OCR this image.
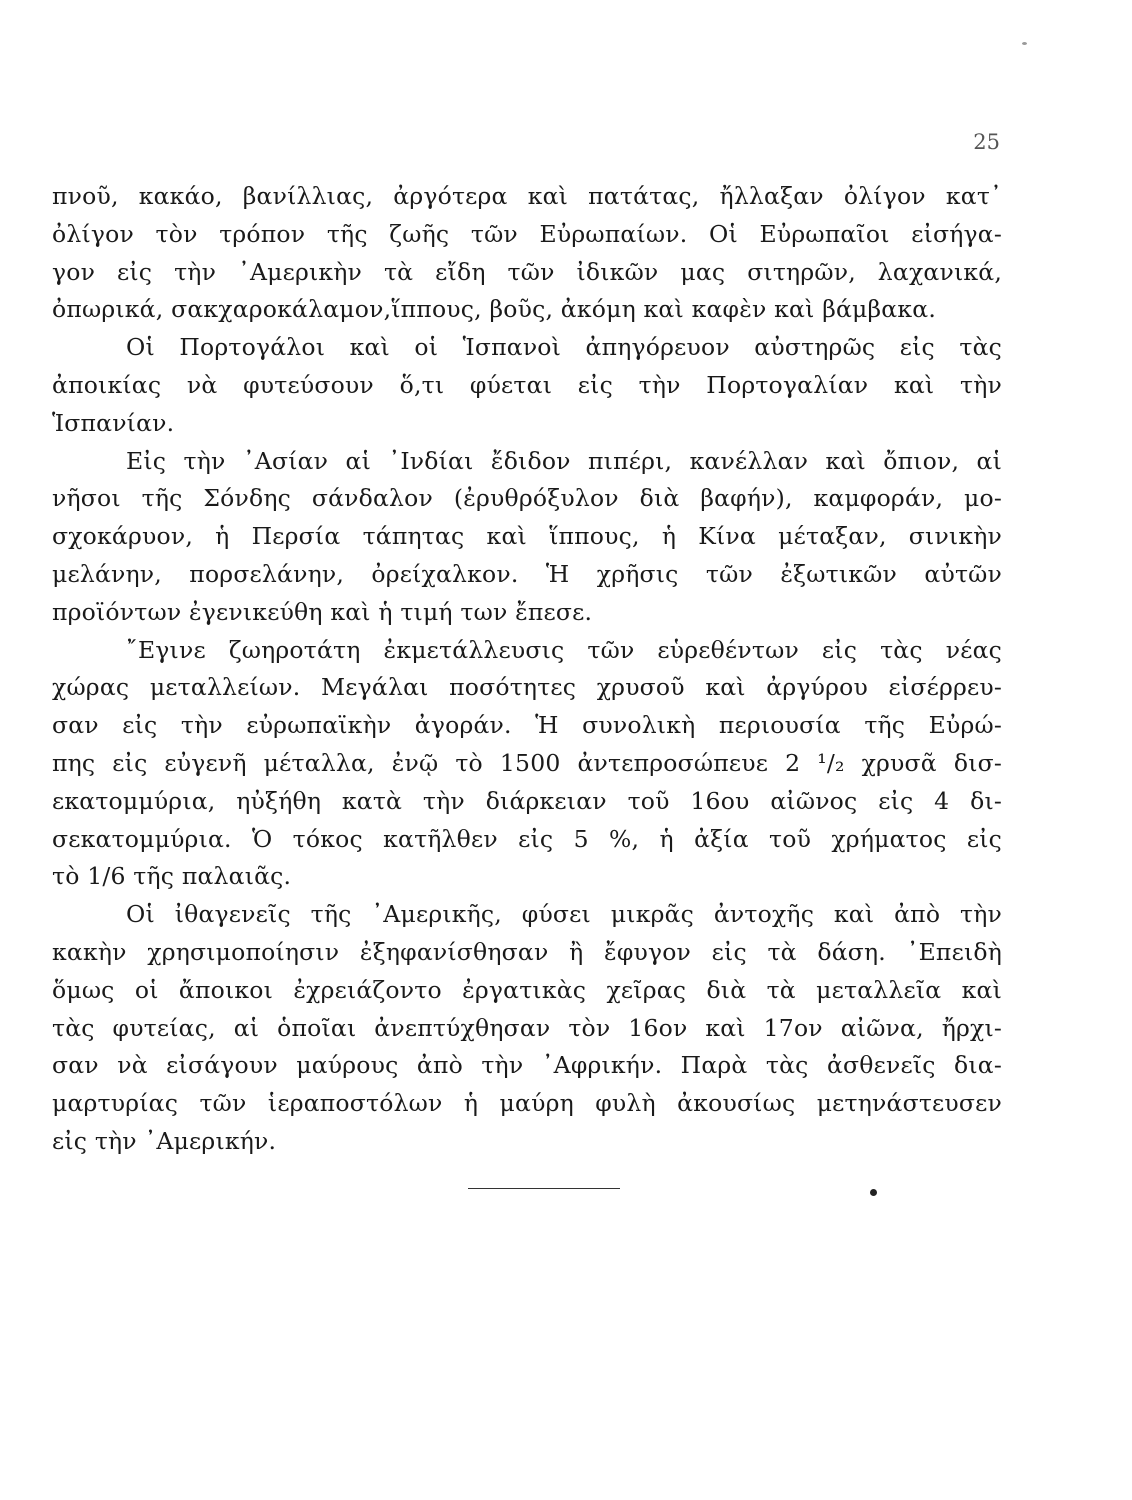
25
πνοῦ, κακάο, βανίλλιας, ἀργότερα καὶ πατάτας, ἤλλαξαν ὀλίγον κατ᾽
ὀλίγον τὸν τρόπον τῆς ζωῆς τῶν Εὐρωπαίων. Οἱ Εὐρωπαῖοι εἰσήγα-
γον εἰς τὴν ᾽Αμερικὴν τὰ εἴδη τῶν ἰδικῶν μας σιτηρῶν, λαχανικά,
ὀπωρικά, σακχαροκάλαμον,ἵππους, βοῦς, ἀκόμη καὶ καφὲν καὶ βάμβακα.
Οἱ Πορτογάλοι καὶ οἱ Ἱσπανοὶ ἀπηγόρευον αὐστηρῶς εἰς τὰς
ἀποικίας νὰ φυτεύσουν ὅ,τι φύεται εἰς τὴν Πορτογαλίαν καὶ τὴν
Ἱσπανίαν.
Εἰς τὴν ᾽Ασίαν αἱ ᾽Ινδίαι ἔδιδον πιπέρι, κανέλλαν καὶ ὄπιον, αἱ
νῆσοι τῆς Σόνδης σάνδαλον (ἐρυθρόξυλον διὰ βαφήν), καμφοράν, μο-
σχοκάρυον, ἡ Περσία τάπητας καὶ ἵππους, ἡ Κίνα μέταξαν, σινικὴν
μελάνην, πορσελάνην, ὀρείχαλκον. Ἡ χρῆσις τῶν ἐξωτικῶν αὐτῶν
προϊόντων ἐγενικεύθη καὶ ἡ τιμή των ἔπεσε.
῎Εγινε ζωηροτάτη ἐκμετάλλευσις τῶν εὑρεθέντων εἰς τὰς νέας
χώρας μεταλλείων. Μεγάλαι ποσότητες χρυσοῦ καὶ ἀργύρου εἰσέρρευ-
σαν εἰς τὴν εὐρωπαϊκὴν ἀγοράν. Ἡ συνολικὴ περιουσία τῆς Εὐρώ-
πης εἰς εὐγενῆ μέταλλα, ἐνῷ τὸ 1500 ἀντεπροσώπευε 2 ¹/₂ χρυσᾶ δισ-
εκατομμύρια, ηὐξήθη κατὰ τὴν διάρκειαν τοῦ 16ου αἰῶνος εἰς 4 δι-
σεκατομμύρια. Ὁ τόκος κατῆλθεν εἰς 5 %, ἡ ἀξία τοῦ χρήματος εἰς
τὸ 1/6 τῆς παλαιᾶς.
Οἱ ἰθαγενεῖς τῆς ᾽Αμερικῆς, φύσει μικρᾶς ἀντοχῆς καὶ ἀπὸ τὴν
κακὴν χρησιμοποίησιν ἐξηφανίσθησαν ἢ ἔφυγον εἰς τὰ δάση. ᾽Επειδὴ
ὅμως οἱ ἄποικοι ἐχρειάζοντο ἐργατικὰς χεῖρας διὰ τὰ μεταλλεῖα καὶ
τὰς φυτείας, αἱ ὁποῖαι ἀνεπτύχθησαν τὸν 16ον καὶ 17ον αἰῶνα, ἤρχι-
σαν νὰ εἰσάγουν μαύρους ἀπὸ τὴν ᾽Αφρικήν. Παρὰ τὰς ἀσθενεῖς δια-
μαρτυρίας τῶν ἱεραποστόλων ἡ μαύρη φυλὴ ἀκουσίως μετηνάστευσεν
εἰς τὴν ᾽Αμερικήν.
